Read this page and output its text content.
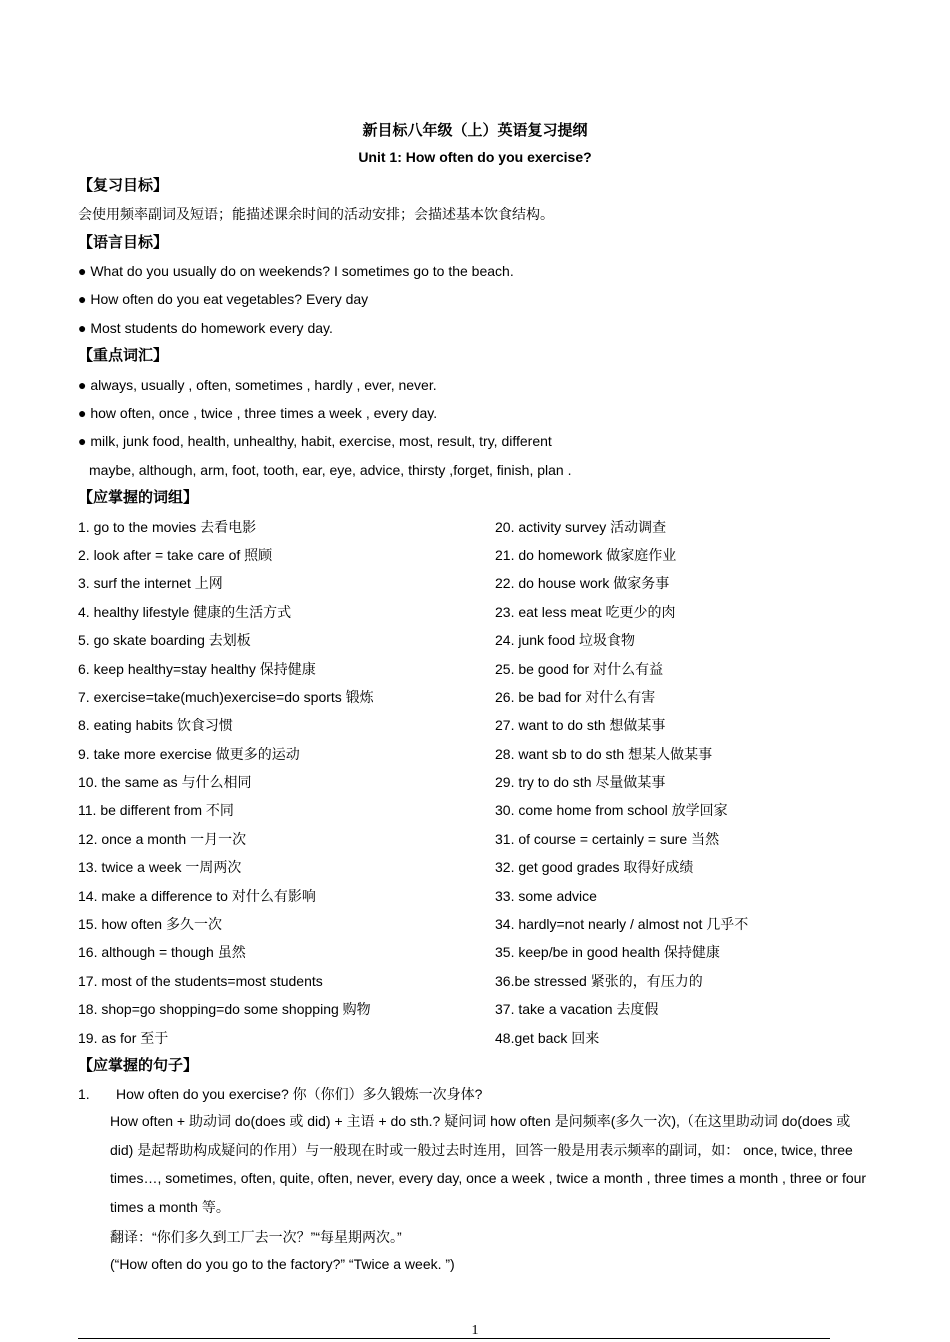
新目标八年级（上）英语复习提纲
Unit 1: How often do you exercise?
【复习目标】
会使用频率副词及短语；能描述课余时间的活动安排；会描述基本饮食结构。
【语言目标】
● What do you usually do on weekends? I sometimes go to the beach.
● How often do you eat vegetables? Every day
● Most students do homework every day.
【重点词汇】
● always, usually , often, sometimes , hardly , ever, never.
● how often, once , twice , three times a week , every day.
● milk, junk food, health, unhealthy, habit, exercise, most, result, try, different
maybe, although, arm, foot, tooth, ear, eye, advice, thirsty ,forget, finish, plan .
【应掌握的词组】
1. go to the movies 去看电影
2. look after = take care of 照顾
3. surf the internet 上网
4. healthy lifestyle 健康的生活方式
5. go skate boarding 去划板
6. keep healthy=stay healthy 保持健康
7. exercise=take(much)exercise=do sports 锻炼
8. eating habits 饮食习惯
9. take more exercise 做更多的运动
10. the same as 与什么相同
11. be different from 不同
12. once a month 一月一次
13. twice a week 一周两次
14. make a difference to 对什么有影响
15. how often 多久一次
16. although = though 虽然
17. most of the students=most students
18. shop=go shopping=do some shopping 购物
19. as for 至于
20. activity survey 活动调查
21. do homework 做家庭作业
22. do house work 做家务事
23. eat less meat 吃更少的肉
24. junk food 垃圾食物
25. be good for 对什么有益
26. be bad for 对什么有害
27. want to do sth 想做某事
28. want sb to do sth 想某人做某事
29. try to do sth 尽量做某事
30. come home from school 放学回家
31. of course = certainly = sure 当然
32. get good grades 取得好成绩
33. some advice
34. hardly=not nearly / almost not 几乎不
35. keep/be in good health 保持健康
36.be stressed 紧张的，有压力的
37. take a vacation 去度假
48.get back 回来
【应掌握的句子】
1. How often do you exercise? 你（你们）多久锻炼一次身体?
How often + 助动词 do(does 或 did) + 主语 + do sth.? 疑问词 how often 是问频率(多久一次),（在这里助动词 do(does 或 did) 是起帮助构成疑问的作用）与一般现在时或一般过去时连用，回答一般是用表示频率的副词，如： once, twice, three times…, sometimes, often, quite, often, never, every day, once a week , twice a month , three times a month , three or four times a month 等。
翻译：“你们多久到工厂去一次？”“每星期两次。”
(“How often do you go to the factory?” “Twice a week. ”)
1
